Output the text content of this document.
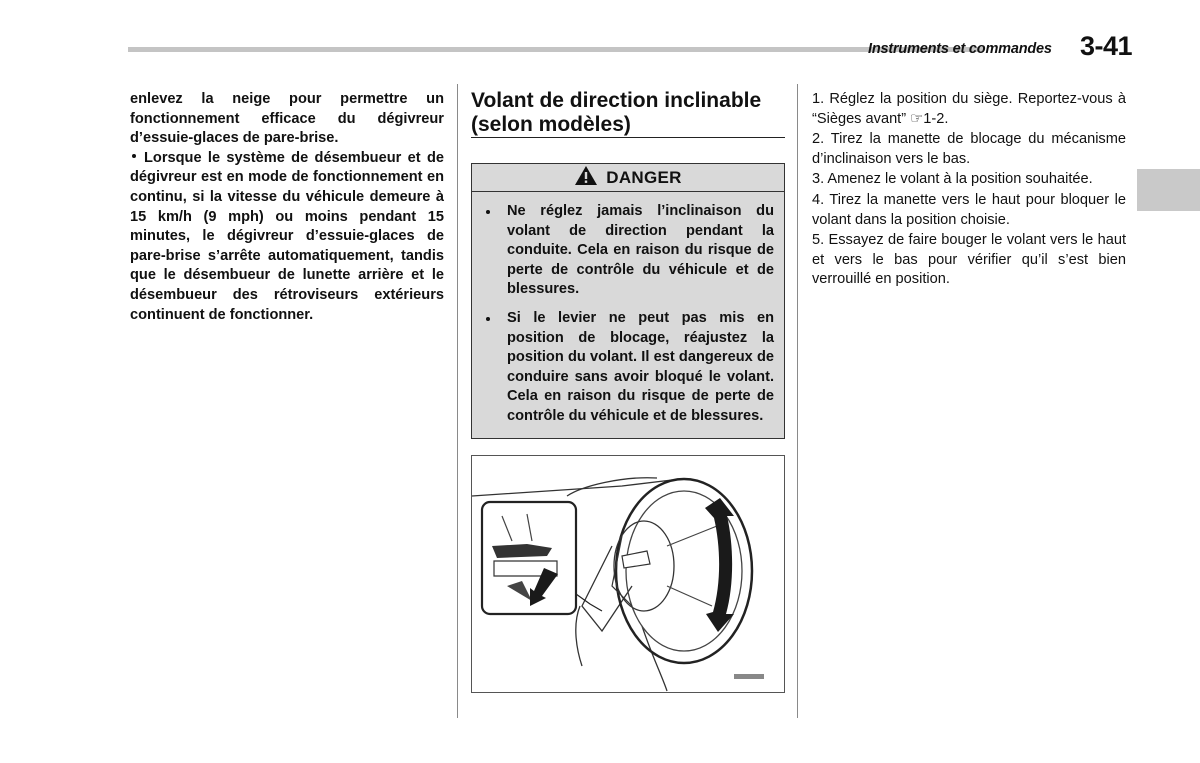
Instruments et commandes 3-41

enlevez la neige pour permettre un fonctionnement efficace du dégivreur d’essuie-glaces de pare-brise.

Lorsque le système de désembueur et de dégivreur est en mode de fonctionnement en continu, si la vitesse du véhicule demeure à 15 km/h (9 mph) ou moins pendant 15 minutes, le dégivreur d’essuie-glaces de pare-brise s’arrête automatiquement, tandis que le désembueur de lunette arrière et le désembueur des rétroviseurs extérieurs continuent de fonctionner.

Volant de direction inclinable (selon modèles)
DANGER
Ne réglez jamais l’inclinaison du volant de direction pendant la conduite. Cela en raison du risque de perte de contrôle du véhicule et de blessures.
Si le levier ne peut pas mis en position de blocage, réajustez la position du volant. Il est dangereux de conduire sans avoir bloqué le volant. Cela en raison du risque de perte de contrôle du véhicule et de blessures.
1. Réglez la position du siège. Reportez-vous à “Sièges avant” ☞1-2.
2. Tirez la manette de blocage du mécanisme d’inclinaison vers le bas.
3. Amenez le volant à la position souhaitée.
4. Tirez la manette vers le haut pour bloquer le volant dans la position choisie.
5. Essayez de faire bouger le volant vers le haut et vers le bas pour vérifier qu’il s’est bien verrouillé en position.
